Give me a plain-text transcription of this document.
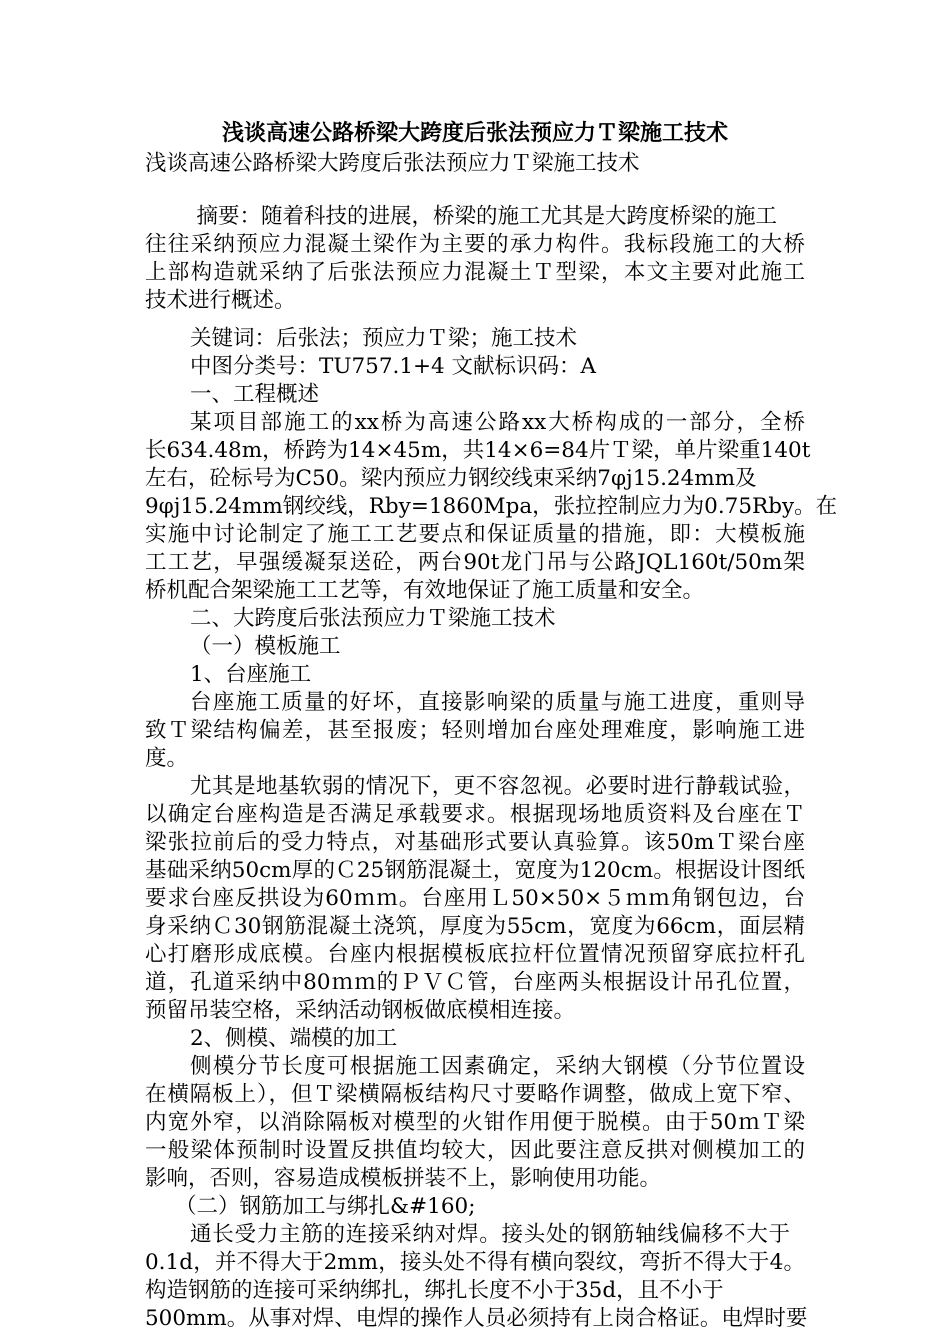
浅谈高速公路桥梁大跨度后张法预应力Ｔ梁施工技术
浅谈高速公路桥梁大跨度后张法预应力Ｔ梁施工技术
　摘要：随着科技的进展，桥梁的施工尤其是大跨度桥梁的施工
往往采纳预应力混凝土梁作为主要的承力构件。我标段施工的大桥
上部构造就采纳了后张法预应力混凝土Ｔ型梁，本文主要对此施工
技术进行概述。
关键词：后张法；预应力Ｔ梁；施工技术
中图分类号：TU757.1+4 文献标识码：A
一、工程概述
某项目部施工的xx桥为高速公路xx大桥构成的一部分，全桥
长634.48m，桥跨为14×45m，共14×6=84片Ｔ梁，单片梁重140t
左右，砼标号为C50。梁内预应力钢绞线束采纳7φj15.24mm及
9φj15.24mm钢绞线，Rby=1860Mpa，张拉控制应力为0.75Rby。在
实施中讨论制定了施工工艺要点和保证质量的措施，即：大模板施
工工艺，早强缓凝泵送砼，两台90t龙门吊与公路JQL160t/50m架
桥机配合架梁施工工艺等，有效地保证了施工质量和安全。
二、大跨度后张法预应力Ｔ梁施工技术
（一）模板施工
1、台座施工
台座施工质量的好坏，直接影响梁的质量与施工进度，重则导
致Ｔ梁结构偏差，甚至报废；轻则增加台座处理难度，影响施工进
度。
尤其是地基软弱的情况下，更不容忽视。必要时进行静载试验，
以确定台座构造是否满足承载要求。根据现场地质资料及台座在Ｔ
梁张拉前后的受力特点，对基础形式要认真验算。该50mＴ梁台座
基础采纳50cm厚的Ｃ25钢筋混凝土，宽度为120cm。根据设计图纸
要求台座反拱设为60ｍｍ。台座用Ｌ50×50×５ｍｍ角钢包边，台
身采纳Ｃ30钢筋混凝土浇筑，厚度为55cm，宽度为66cm，面层精
心打磨形成底模。台座内根据模板底拉杆位置情况预留穿底拉杆孔
道，孔道采纳中80ｍｍ的ＰＶＣ管，台座两头根据设计吊孔位置，
预留吊装空格，采纳活动钢板做底模相连接。
2、侧模、端模的加工
侧模分节长度可根据施工因素确定，采纳大钢模（分节位置设
在横隔板上），但Ｔ梁横隔板结构尺寸要略作调整，做成上宽下窄、
内宽外窄，以消除隔板对模型的火钳作用便于脱模。由于50ｍＴ梁
一般梁体预制时设置反拱值均较大，因此要注意反拱对侧模加工的
影响，否则，容易造成模板拼装不上，影响使用功能。
（二）钢筋加工与绑扎&#160;
通长受力主筋的连接采纳对焊。接头处的钢筋轴线偏移不大于
0.1d，并不得大于2mm，接头处不得有横向裂纹，弯折不得大于4。
构造钢筋的连接可采纳绑扎，绑扎长度不小于35d，且不小于
500mm。从事对焊、电焊的操作人员必须持有上岗合格证。电焊时要
